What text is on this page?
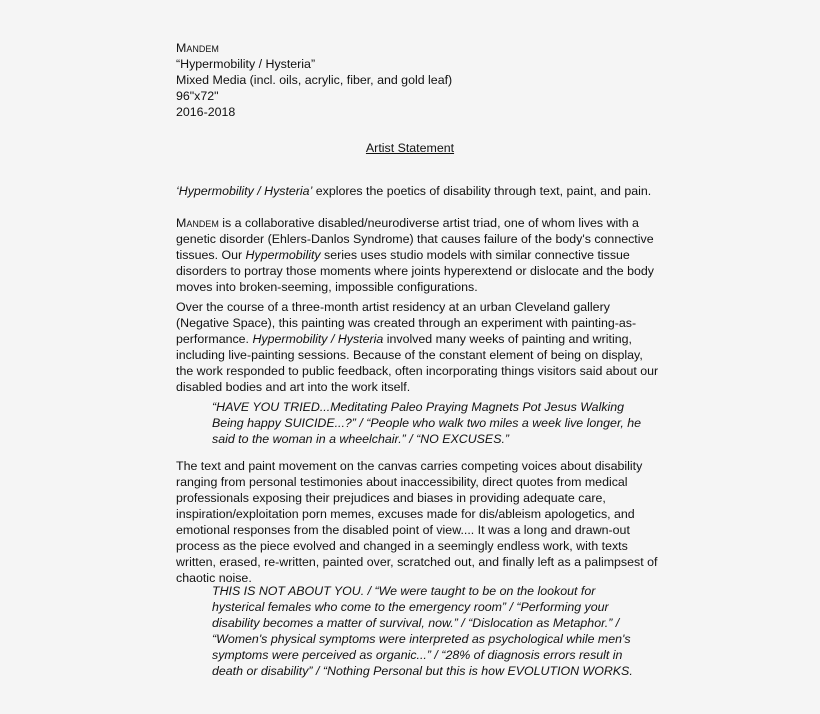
Mandem
“Hypermobility / Hysteria”
Mixed Media (incl. oils, acrylic, fiber, and gold leaf)
96"x72"
2016-2018
Artist Statement
‘Hypermobility / Hysteria’ explores the poetics of disability through text, paint, and pain.
Mandem is a collaborative disabled/neurodiverse artist triad, one of whom lives with a
genetic disorder (Ehlers-Danlos Syndrome) that causes failure of the body's connective
tissues. Our Hypermobility series uses studio models with similar connective tissue
disorders to portray those moments where joints hyperextend or dislocate and the body
moves into broken-seeming, impossible configurations.
Over the course of a three-month artist residency at an urban Cleveland gallery
(Negative Space), this painting was created through an experiment with painting-as-
performance. Hypermobility / Hysteria involved many weeks of painting and writing,
including live-painting sessions. Because of the constant element of being on display,
the work responded to public feedback, often incorporating things visitors said about our
disabled bodies and art into the work itself.
“HAVE YOU TRIED...Meditating Paleo Praying Magnets Pot Jesus Walking
Being happy SUICIDE...?” / “People who walk two miles a week live longer, he
said to the woman in a wheelchair.” / “NO EXCUSES.”
The text and paint movement on the canvas carries competing voices about disability
ranging from personal testimonies about inaccessibility, direct quotes from medical
professionals exposing their prejudices and biases in providing adequate care,
inspiration/exploitation porn memes, excuses made for dis/ableism apologetics, and
emotional responses from the disabled point of view.... It was a long and drawn-out
process as the piece evolved and changed in a seemingly endless work, with texts
written, erased, re-written, painted over, scratched out, and finally left as a palimpsest of
chaotic noise.
THIS IS NOT ABOUT YOU. / “We were taught to be on the lookout for
hysterical females who come to the emergency room” / “Performing your
disability becomes a matter of survival, now.” / “Dislocation as Metaphor.” /
“Women's physical symptoms were interpreted as psychological while men's
symptoms were perceived as organic...” / “28% of diagnosis errors result in
death or disability” / “Nothing Personal but this is how EVOLUTION WORKS.
